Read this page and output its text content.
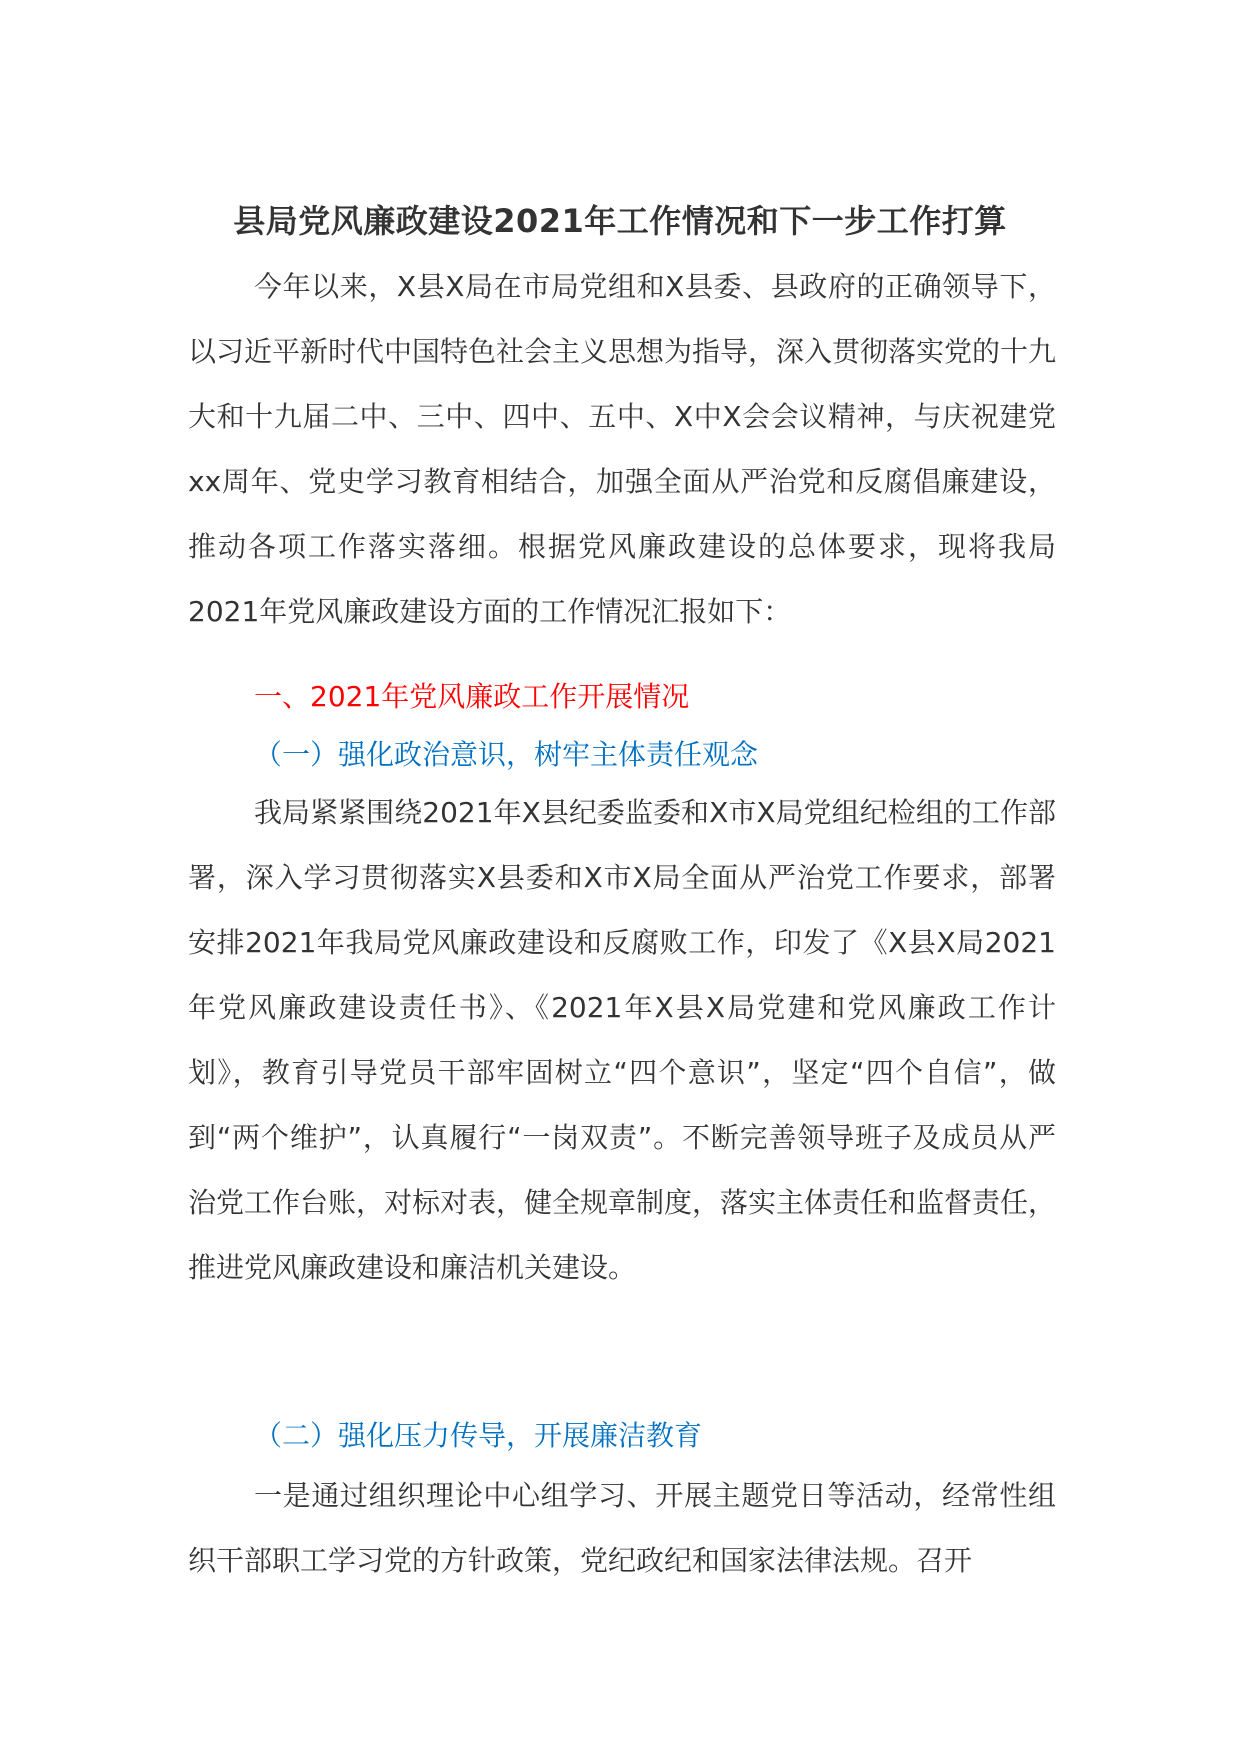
县局党风廉政建设2021年工作情况和下一步工作打算

今年以来，X县X局在市局党组和X县委、县政府的正确领导下，以习近平新时代中国特色社会主义思想为指导，深入贯彻落实党的十九大和十九届二中、三中、四中、五中、X中X会会议精神，与庆祝建党xx周年、党史学习教育相结合，加强全面从严治党和反腐倡廉建设，推动各项工作落实落细。根据党风廉政建设的总体要求，现将我局2021年党风廉政建设方面的工作情况汇报如下：

一、2021年党风廉政工作开展情况
（一）强化政治意识，树牢主体责任观念

我局紧紧围绕2021年X县纪委监委和X市X局党组纪检组的工作部署，深入学习贯彻落实X县委和X市X局全面从严治党工作要求，部署安排2021年我局党风廉政建设和反腐败工作，印发了《X县X局2021年党风廉政建设责任书》、《2021年X县X局党建和党风廉政工作计划》，教育引导党员干部牢固树立“四个意识”，坚定“四个自信”，做到“两个维护”，认真履行“一岗双责”。不断完善领导班子及成员从严治党工作台账，对标对表，健全规章制度，落实主体责任和监督责任，推进党风廉政建设和廉洁机关建设。

（二）强化压力传导，开展廉洁教育

一是通过组织理论中心组学习、开展主题党日等活动，经常性组织干部职工学习党的方针政策，党纪政纪和国家法律法规。召开
